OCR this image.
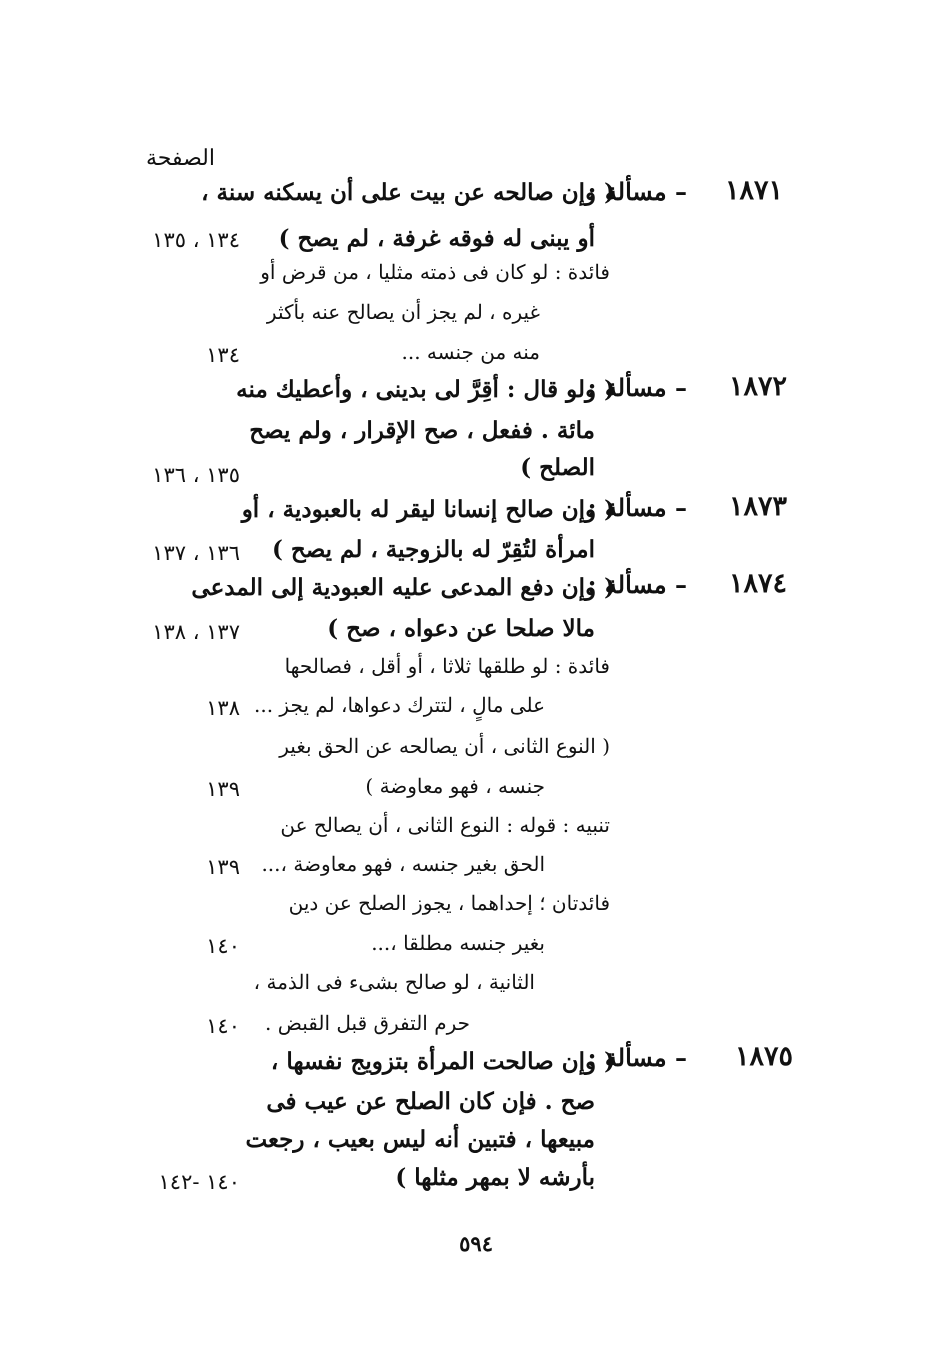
الصفحة
١٨٧١
– مسألة :
( وإن صالحه عن بيت على أن يسكنه سنة ،
أو يبنى له فوقه غرفة ، لم يصح )
١٣٤ ، ١٣٥
فائدة : لو كان فى ذمته مثليا ، من قرض أو
غيره ، لم يجز أن يصالح عنه بأكثر
منه من جنسه ...
١٣٤
١٨٧٢
– مسألة :
( ولو قال : أقِرَّ لى بدينى ، وأعطيك منه
مائة . ففعل ، صح الإقرار ، ولم يصح
الصلح )
١٣٥ ، ١٣٦
١٨٧٣
– مسألة :
( وإن صالح إنسانا ليقر له بالعبودية ، أو
امرأة لتُقِرّ له بالزوجية ، لم يصح )
١٣٦ ، ١٣٧
١٨٧٤
– مسألة :
( وإن دفع المدعى عليه العبودية إلى المدعى
مالا صلحا عن دعواه ، صح )
١٣٧ ، ١٣٨
فائدة : لو طلقها ثلاثا ، أو أقل ، فصالحها
على مالٍ ، لتترك دعواها، لم يجز ...
١٣٨
( النوع الثانى ، أن يصالحه عن الحق بغير
جنسه ، فهو معاوضة )
١٣٩
تنبيه : قوله : النوع الثانى ، أن يصالح عن
الحق بغير جنسه ، فهو معاوضة ،...
١٣٩
فائدتان ؛ إحداهما ، يجوز الصلح عن دين
بغير جنسه مطلقا ،...
١٤٠
الثانية ، لو صالح بشىء فى الذمة ،
حرم التفرق قبل القبض .
١٤٠
١٨٧٥
– مسألة :
( وإن صالحت المرأة بتزويج نفسها ،
صح . فإن كان الصلح عن عيب فى
مبيعها ، فتبين أنه ليس بعيب ، رجعت
بأرشه لا بمهر مثلها )
١٤٠ -١٤٢
٥٩٤
